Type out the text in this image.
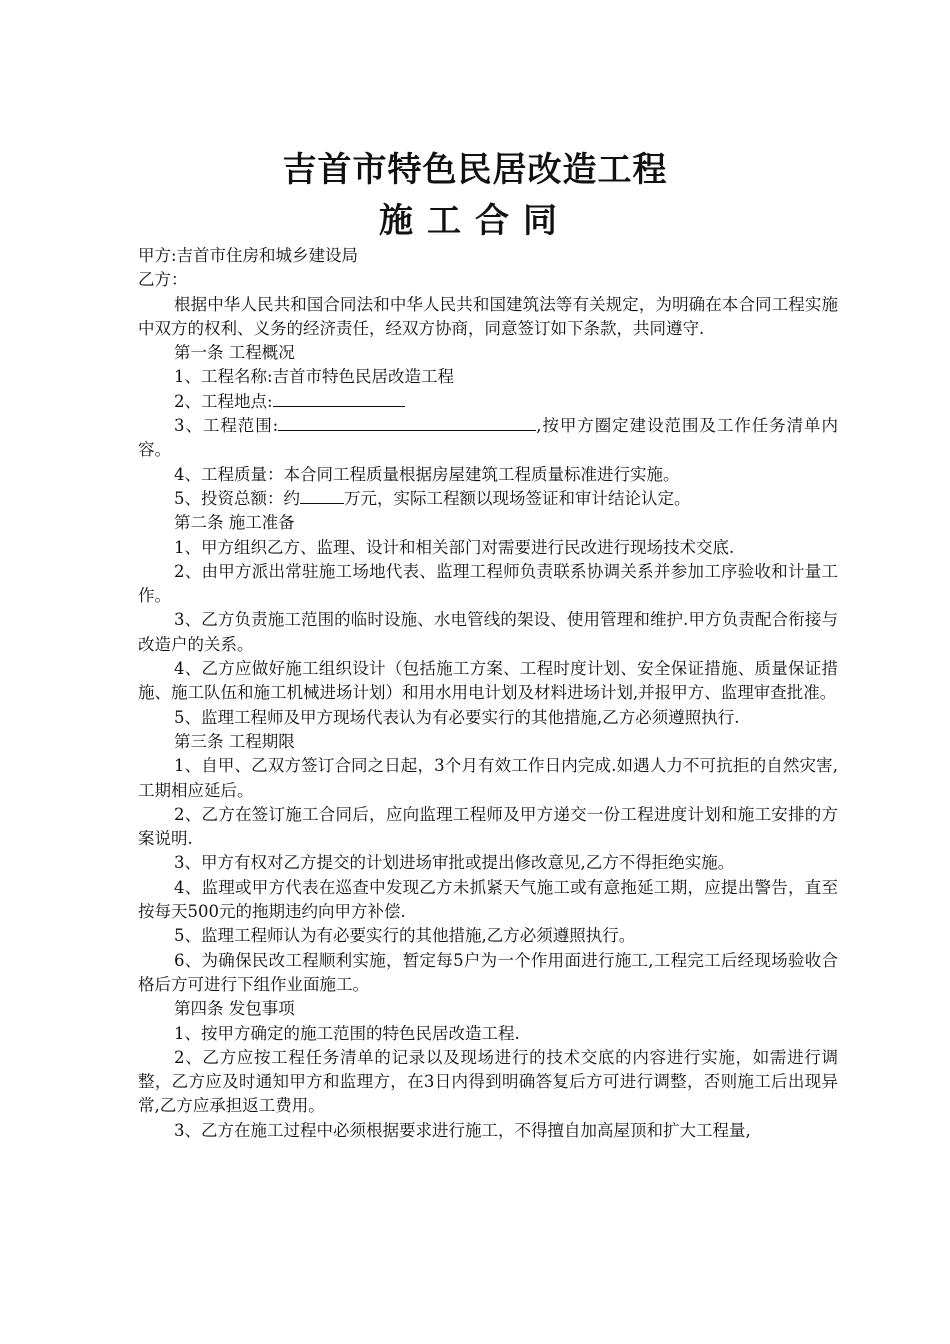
吉首市特色民居改造工程
施工合同

甲方:吉首市住房和城乡建设局

乙方：

根据中华人民共和国合同法和中华人民共和国建筑法等有关规定，为明确在本合同工程实施中双方的权利、义务的经济责任，经双方协商，同意签订如下条款，共同遵守.

第一条 工程概况

1、工程名称:吉首市特色民居改造工程

2、工程地点:

3、工程范围:	,按甲方圈定建设范围及工作任务清单内容。

4、工程质量：本合同工程质量根据房屋建筑工程质量标准进行实施。

5、投资总额：约	万元，实际工程额以现场签证和审计结论认定。

第二条 施工准备

1、甲方组织乙方、监理、设计和相关部门对需要进行民改进行现场技术交底.

2、由甲方派出常驻施工场地代表、监理工程师负责联系协调关系并参加工序验收和计量工作。

3、乙方负责施工范围的临时设施、水电管线的架设、使用管理和维护.甲方负责配合衔接与改造户的关系。

4、乙方应做好施工组织设计（包括施工方案、工程时度计划、安全保证措施、质量保证措施、施工队伍和施工机械进场计划）和用水用电计划及材料进场计划,并报甲方、监理审查批准。

5、监理工程师及甲方现场代表认为有必要实行的其他措施,乙方必须遵照执行.

第三条 工程期限

1、自甲、乙双方签订合同之日起，3个月有效工作日内完成.如遇人力不可抗拒的自然灾害,工期相应延后。

2、乙方在签订施工合同后，应向监理工程师及甲方递交一份工程进度计划和施工安排的方案说明.

3、甲方有权对乙方提交的计划进场审批或提出修改意见,乙方不得拒绝实施。

4、监理或甲方代表在巡查中发现乙方未抓紧天气施工或有意拖延工期，应提出警告，直至按每天500元的拖期违约向甲方补偿.

5、监理工程师认为有必要实行的其他措施,乙方必须遵照执行。

6、为确保民改工程顺利实施，暂定每5户为一个作用面进行施工,工程完工后经现场验收合格后方可进行下组作业面施工。

第四条 发包事项

1、按甲方确定的施工范围的特色民居改造工程.

2、乙方应按工程任务清单的记录以及现场进行的技术交底的内容进行实施，如需进行调整，乙方应及时通知甲方和监理方，在3日内得到明确答复后方可进行调整，否则施工后出现异常,乙方应承担返工费用。

3、乙方在施工过程中必须根据要求进行施工，不得擅自加高屋顶和扩大工程量,
